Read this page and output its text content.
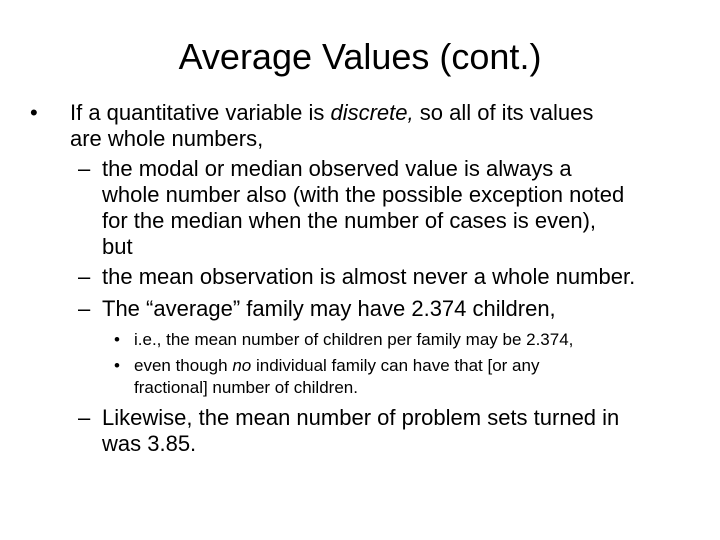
Average Values (cont.)
• If a quantitative variable is discrete, so all of its values
are whole numbers,
– the modal or median observed value is always a
whole number also (with the possible exception noted
for the median when the number of cases is even),
but
– the mean observation is almost never a whole number.
– The “average” family may have 2.374 children,
• i.e., the mean number of children per family may be 2.374,
• even though no individual family can have that [or any
fractional] number of children.
– Likewise, the mean number of problem sets turned in
was 3.85.
